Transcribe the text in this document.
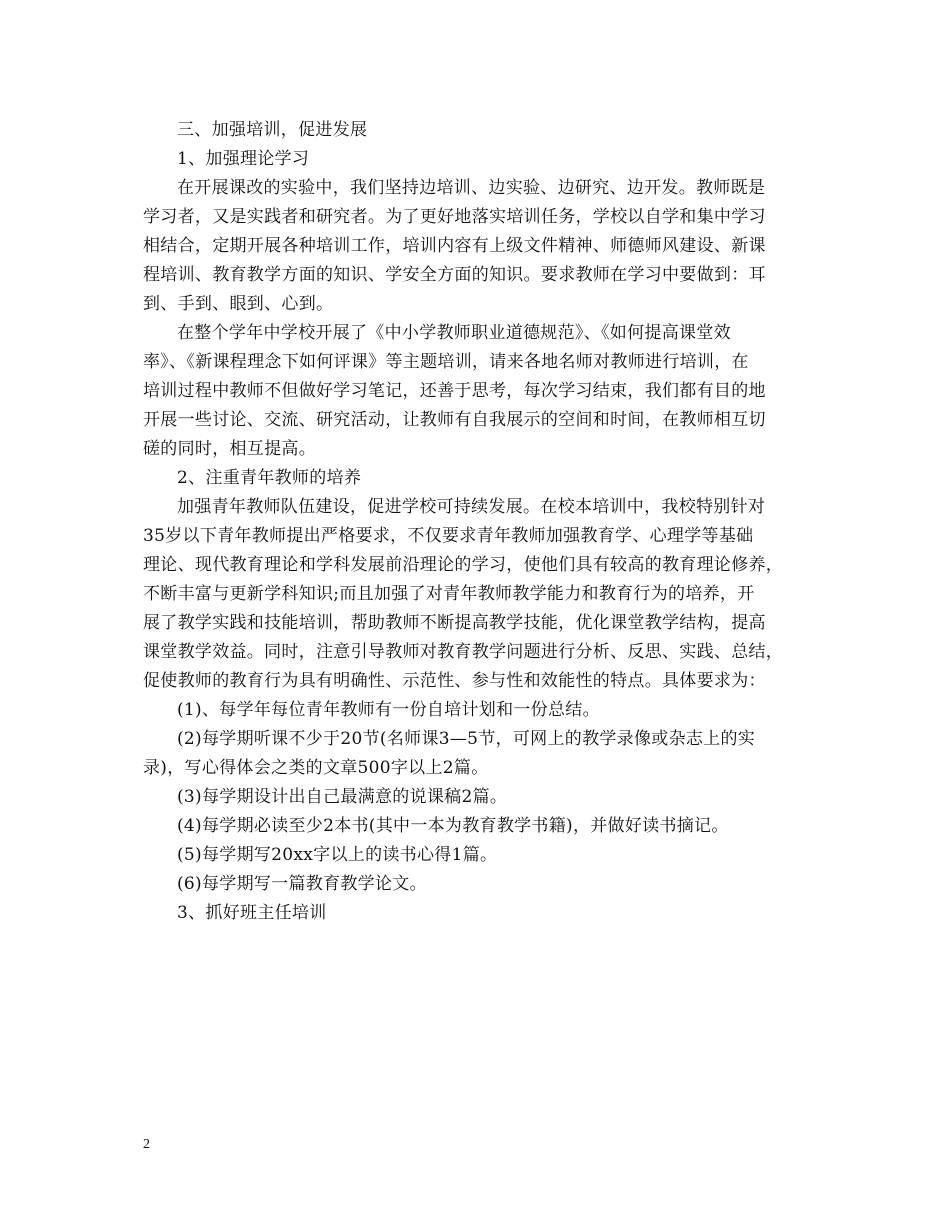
三、加强培训，促进发展
1、加强理论学习
在开展课改的实验中，我们坚持边培训、边实验、边研究、边开发。教师既是
学习者，又是实践者和研究者。为了更好地落实培训任务，学校以自学和集中学习
相结合，定期开展各种培训工作，培训内容有上级文件精神、师德师风建设、新课
程培训、教育教学方面的知识、学安全方面的知识。要求教师在学习中要做到：耳
到、手到、眼到、心到。
在整个学年中学校开展了《中小学教师职业道德规范》、《如何提高课堂效
率》、《新课程理念下如何评课》等主题培训，请来各地名师对教师进行培训，在
培训过程中教师不但做好学习笔记，还善于思考，每次学习结束，我们都有目的地
开展一些讨论、交流、研究活动，让教师有自我展示的空间和时间，在教师相互切
磋的同时，相互提高。
2、注重青年教师的培养
加强青年教师队伍建设，促进学校可持续发展。在校本培训中，我校特别针对
35岁以下青年教师提出严格要求，不仅要求青年教师加强教育学、心理学等基础
理论、现代教育理论和学科发展前沿理论的学习，使他们具有较高的教育理论修养，
不断丰富与更新学科知识;而且加强了对青年教师教学能力和教育行为的培养，开
展了教学实践和技能培训，帮助教师不断提高教学技能，优化课堂教学结构，提高
课堂教学效益。同时，注意引导教师对教育教学问题进行分析、反思、实践、总结，
促使教师的教育行为具有明确性、示范性、参与性和效能性的特点。具体要求为：
(1)、每学年每位青年教师有一份自培计划和一份总结。
(2)每学期听课不少于20节(名师课3—5节，可网上的教学录像或杂志上的实
录)，写心得体会之类的文章500字以上2篇。
(3)每学期设计出自己最满意的说课稿2篇。
(4)每学期必读至少2本书(其中一本为教育教学书籍)，并做好读书摘记。
(5)每学期写20xx字以上的读书心得1篇。
(6)每学期写一篇教育教学论文。
3、抓好班主任培训
2
